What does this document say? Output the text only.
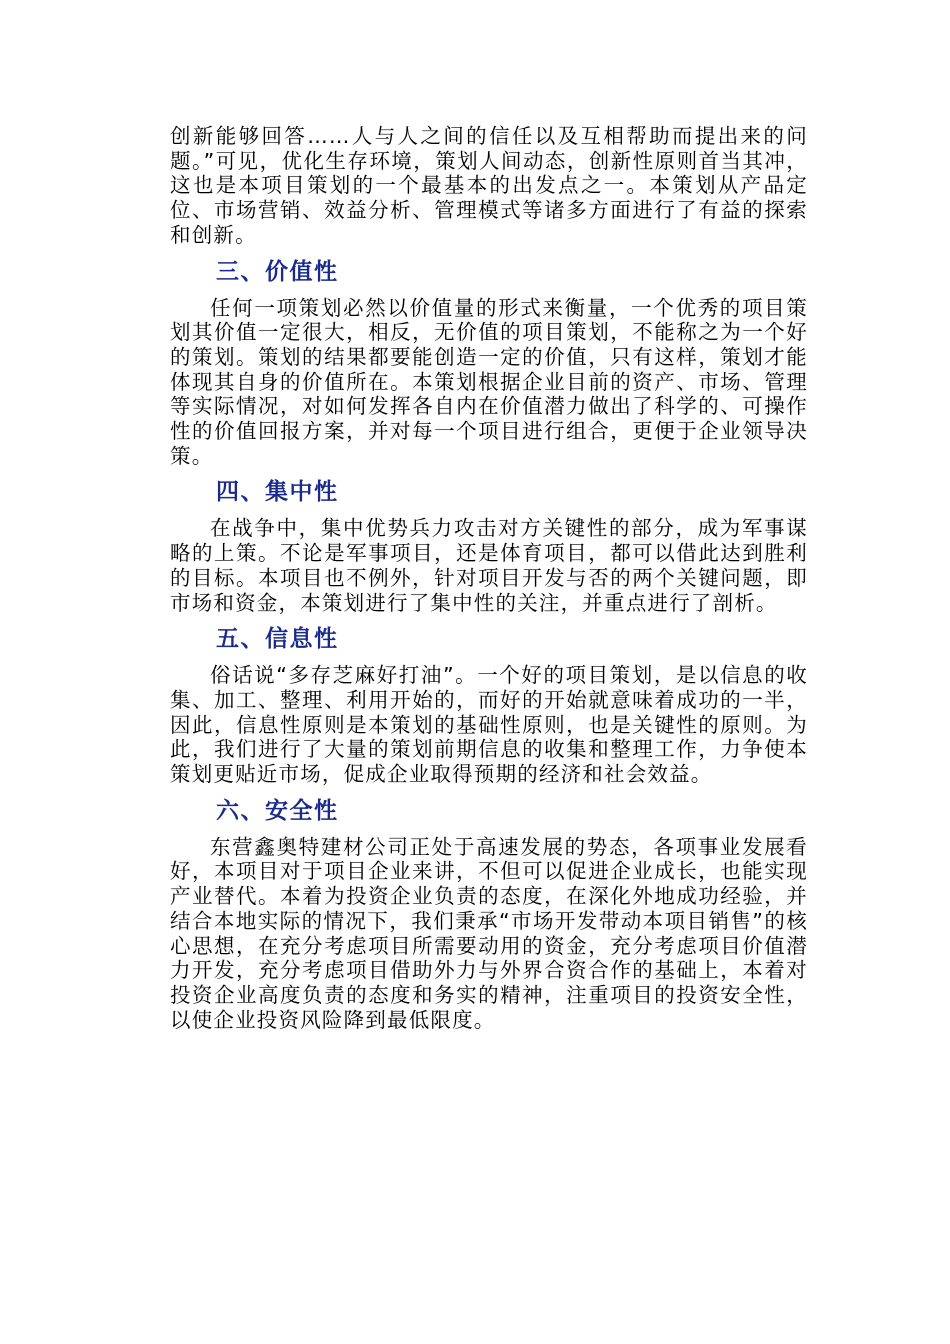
创新能够回答……人与人之间的信任以及互相帮助而提出来的问题。”可见，优化生存环境，策划人间动态，创新性原则首当其冲，这也是本项目策划的一个最基本的出发点之一。本策划从产品定位、市场营销、效益分析、管理模式等诸多方面进行了有益的探索和创新。

三、价值性

任何一项策划必然以价值量的形式来衡量，一个优秀的项目策划其价值一定很大，相反，无价值的项目策划，不能称之为一个好的策划。策划的结果都要能创造一定的价值，只有这样，策划才能体现其自身的价值所在。本策划根据企业目前的资产、市场、管理等实际情况，对如何发挥各自内在价值潜力做出了科学的、可操作性的价值回报方案，并对每一个项目进行组合，更便于企业领导决策。

四、集中性

在战争中，集中优势兵力攻击对方关键性的部分，成为军事谋略的上策。不论是军事项目，还是体育项目，都可以借此达到胜利的目标。本项目也不例外，针对项目开发与否的两个关键问题，即市场和资金，本策划进行了集中性的关注，并重点进行了剖析。

五、信息性

俗话说“多存芝麻好打油”。一个好的项目策划，是以信息的收集、加工、整理、利用开始的，而好的开始就意味着成功的一半，因此，信息性原则是本策划的基础性原则，也是关键性的原则。为此，我们进行了大量的策划前期信息的收集和整理工作，力争使本策划更贴近市场，促成企业取得预期的经济和社会效益。

六、安全性

东营鑫奥特建材公司正处于高速发展的势态，各项事业发展看好，本项目对于项目企业来讲，不但可以促进企业成长，也能实现产业替代。本着为投资企业负责的态度，在深化外地成功经验，并结合本地实际的情况下，我们秉承“市场开发带动本项目销售”的核心思想，在充分考虑项目所需要动用的资金，充分考虑项目价值潜力开发，充分考虑项目借助外力与外界合资合作的基础上，本着对投资企业高度负责的态度和务实的精神，注重项目的投资安全性，以使企业投资风险降到最低限度。
